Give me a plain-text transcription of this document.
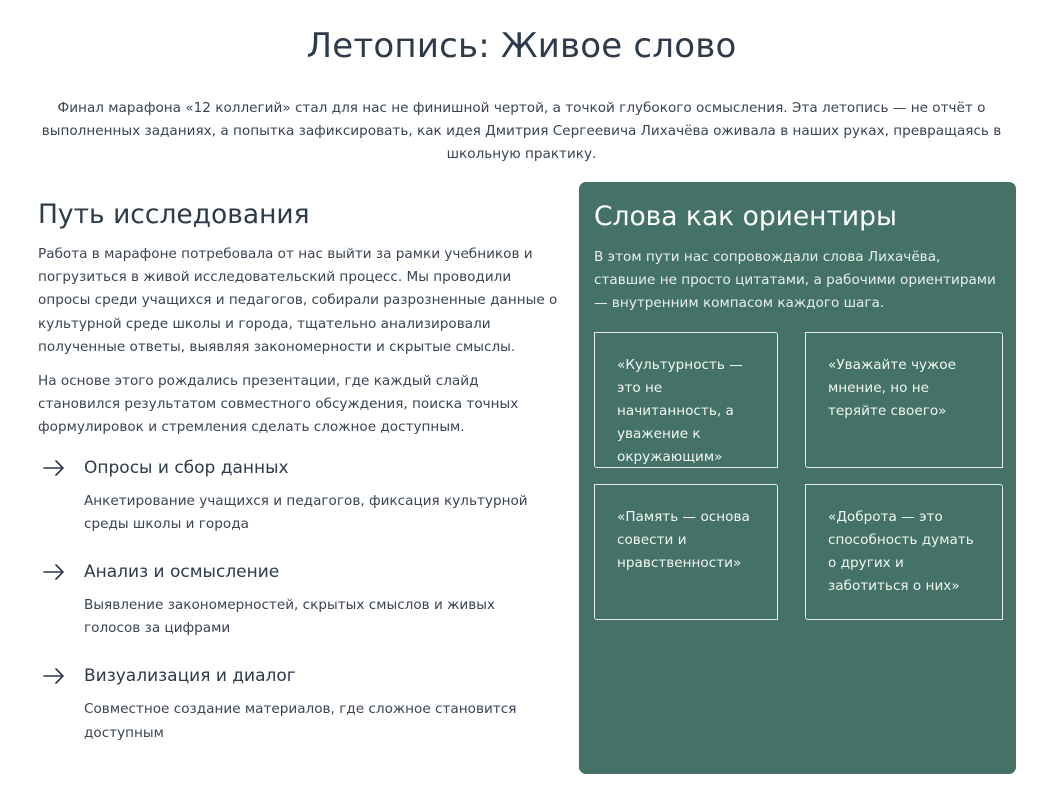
Летопись: Живое слово

Финал марафона «12 коллегий» стал для нас не финишной чертой, а точкой глубокого осмысления. Эта летопись — не отчёт о выполненных заданиях, а попытка зафиксировать, как идея Дмитрия Сергеевича Лихачёва оживала в наших руках, превращаясь в школьную практику.

Путь исследования

Работа в марафоне потребовала от нас выйти за рамки учебников и погрузиться в живой исследовательский процесс. Мы проводили опросы среди учащихся и педагогов, собирали разрозненные данные о культурной среде школы и города, тщательно анализировали полученные ответы, выявляя закономерности и скрытые смыслы.

На основе этого рождались презентации, где каждый слайд становился результатом совместного обсуждения, поиска точных формулировок и стремления сделать сложное доступным.

Опросы и сбор данных
Анкетирование учащихся и педагогов, фиксация культурной среды школы и города
Анализ и осмысление
Выявление закономерностей, скрытых смыслов и живых голосов за цифрами
Визуализация и диалог
Совместное создание материалов, где сложное становится доступным
Слова как ориентиры

В этом пути нас сопровождали слова Лихачёва, ставшие не просто цитатами, а рабочими ориентирами — внутренним компасом каждого шага.

«Культурность — это не начитанность, а уважение к окружающим»
«Уважайте чужое мнение, но не теряйте своего»
«Память — основа совести и нравственности»
«Доброта — это способность думать о других и заботиться о них»
